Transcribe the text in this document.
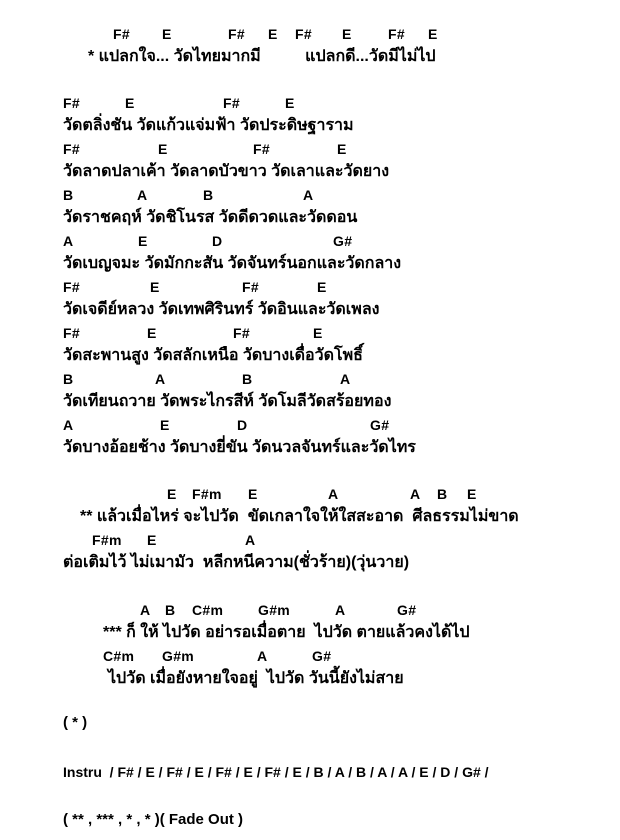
F# E	F# E F# E	F# E
* แปลกใจ... วัดไทยมากมี          แปลกดี...วัดมีไม่ไป
F#	E	F#	E
วัดตลิ่งชัน วัดแก้วแจ่มฟ้า วัดประดิษฐาราม
F#	E	F#	E
วัดลาดปลาเค้า วัดลาดบัวขาว วัดเลาและวัดยาง
B	A	B	A
วัดราชคฤห์ วัดชิโนรส วัดดีดวดและวัดดอน
A	E	D	G#
วัดเบญจมะ วัดมักกะสัน วัดจันทร์นอกและวัดกลาง
F#	E	F#	E
วัดเจดีย์หลวง วัดเทพศิรินทร์ วัดอินและวัดเพลง
F#	E	F#	E
วัดสะพานสูง วัดสลักเหนือ วัดบางเดื่อวัดโพธิ์
B	A	B	A
วัดเทียนถวาย วัดพระไกรสีห์ วัดโมลีวัดสร้อยทอง
A	E	D	G#
วัดบางอ้อยช้าง วัดบางยี่ขัน วัดนวลจันทร์และวัดไทร
E F#m E	A	A B E
** แล้วเมื่อไหร่ จะไปวัด  ขัดเกลาใจให้ใสสะอาด  ศีลธรรมไม่ขาด
F#m E	A
ต่อเติมไว้ ไม่เมามัว  หลีกหนีความ(ชั่วร้าย)(วุ่นวาย)
A B C#m G#m	A	G#
*** ก็ ให้ ไปวัด อย่ารอเมื่อตาย  ไปวัด ตายแล้วคงได้ไป
C#m G#m	A	G#
ไปวัด เมื่อยังหายใจอยู่  ไปวัด วันนี้ยังไม่สาย
( * )
Instru  / F# / E / F# / E / F# / E / F# / E / B / A / B / A / A / E / D / G# /
( ** , *** , * , * )( Fade Out )
